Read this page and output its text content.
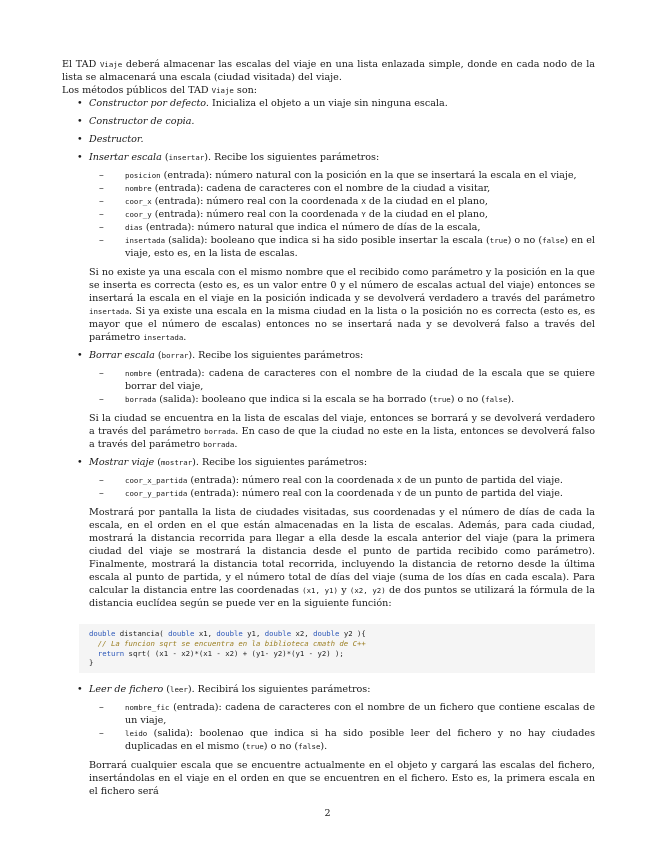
El TAD Viaje deberá almacenar las escalas del viaje en una lista enlazada simple, donde en cada nodo de la lista se almacenará una escala (ciudad visitada) del viaje.

Los métodos públicos del TAD Viaje son:

• Constructor por defecto. Inicializa el objeto a un viaje sin ninguna escala.
• Constructor de copia.
• Destructor.
• Insertar escala (insertar). Recibe los siguientes parámetros:
–	posicion (entrada): número natural con la posición en la que se insertará la escala en el viaje,
–	nombre (entrada): cadena de caracteres con el nombre de la ciudad a visitar,
–	coor_x (entrada): número real con la coordenada X de la ciudad en el plano,
–	coor_y (entrada): número real con la coordenada Y de la ciudad en el plano,
–	dias (entrada): número natural que indica el número de días de la escala,
–	insertada (salida): booleano que indica si ha sido posible insertar la escala (true) o no (false) en el viaje, esto es, en la lista de escalas.

Si no existe ya una escala con el mismo nombre que el recibido como parámetro y la posición en la que se inserta es correcta (esto es, es un valor entre 0 y el número de escalas actual del viaje) entonces se insertará la escala en el viaje en la posición indicada y se devolverá verdadero a través del parámetro insertada. Si ya existe una escala en la misma ciudad en la lista o la posición no es correcta (esto es, es mayor que el número de escalas) entonces no se insertará nada y se devolverá falso a través del parámetro insertada.

• Borrar escala (borrar). Recibe los siguientes parámetros:
–	nombre (entrada): cadena de caracteres con el nombre de la ciudad de la escala que se quiere borrar del viaje,
–	borrada (salida): booleano que indica si la escala se ha borrado (true) o no (false).

Si la ciudad se encuentra en la lista de escalas del viaje, entonces se borrará y se devolverá verdadero a través del parámetro borrada. En caso de que la ciudad no este en la lista, entonces se devolverá falso a través del parámetro borrada.

• Mostrar viaje (mostrar). Recibe los siguientes parámetros:
–	coor_x_partida (entrada): número real con la coordenada X de un punto de partida del viaje.
–	coor_y_partida (entrada): número real con la coordenada Y de un punto de partida del viaje.

Mostrará por pantalla la lista de ciudades visitadas, sus coordenadas y el número de días de cada la escala, en el orden en el que están almacenadas en la lista de escalas. Además, para cada ciudad, mostrará la distancia recorrida para llegar a ella desde la escala anterior del viaje (para la primera ciudad del viaje se mostrará la distancia desde el punto de partida recibido como parámetro). Finalmente, mostrará la distancia total recorrida, incluyendo la distancia de retorno desde la última escala al punto de partida, y el número total de días del viaje (suma de los días en cada escala). Para calcular la distancia entre las coordenadas (x1, y1) y (x2, y2) de dos puntos se utilizará la fórmula de la distancia euclídea según se puede ver en la siguiente función:

double distancia( double x1, double y1, double x2, double y2 ){
// La funcion sqrt se encuentra en la biblioteca cmath de C++
return sqrt( (x1 - x2)*(x1 - x2) + (y1- y2)*(y1 - y2) );
}
• Leer de fichero (leer). Recibirá los siguientes parámetros:
–	nombre_fic (entrada): cadena de caracteres con el nombre de un fichero que contiene escalas de un viaje,
–	leido (salida): boolenao que indica si ha sido posible leer del fichero y no hay ciudades duplicadas en el mismo (true) o no (false).

Borrará cualquier escala que se encuentre actualmente en el objeto y cargará las escalas del fichero, insertándolas en el viaje en el orden en que se encuentren en el fichero. Esto es, la primera escala en el fichero será

2
